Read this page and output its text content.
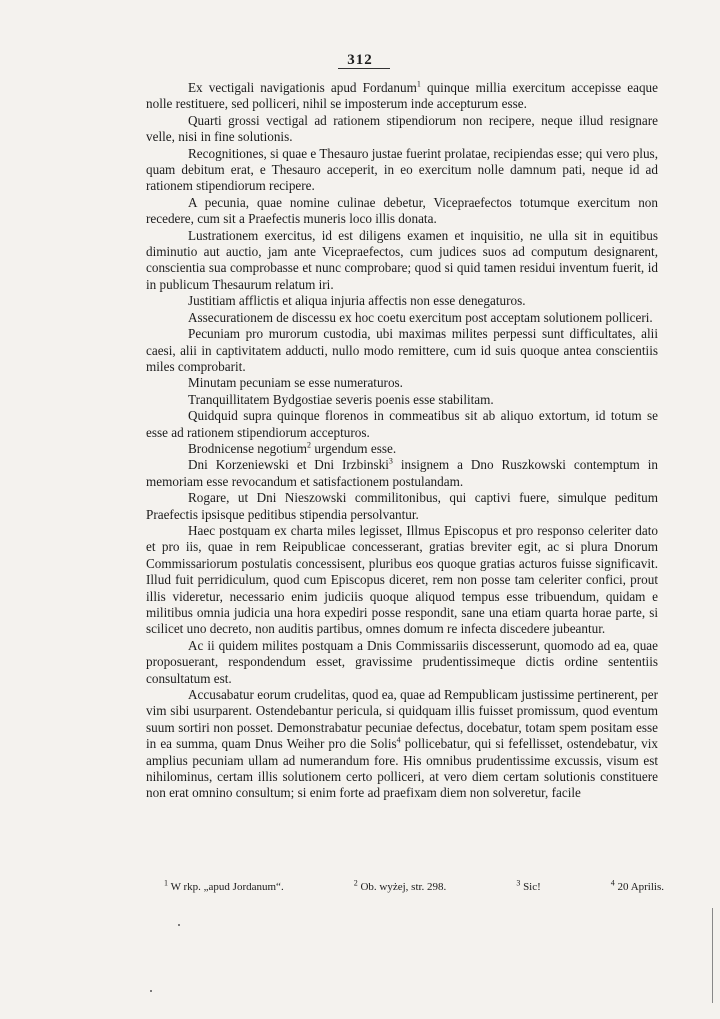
312

Ex vectigali navigationis apud Fordanum$^1$ quinque millia exercitum accepisse eaque nolle restituere, sed polliceri, nihil se imposterum inde accepturum esse.

Quarti grossi vectigal ad rationem stipendiorum non recipere, neque illud resignare velle, nisi in fine solutionis.

Recognitiones, si quae e Thesauro justae fuerint prolatae, recipiendas esse; qui vero plus, quam debitum erat, e Thesauro acceperit, in eo exercitum nolle damnum pati, neque id ad rationem stipendiorum recipere.

A pecunia, quae nomine culinae debetur, Vicepraefectos totumque exercitum non recedere, cum sit a Praefectis muneris loco illis donata.

Lustrationem exercitus, id est diligens examen et inquisitio, ne ulla sit in equitibus diminutio aut auctio, jam ante Vicepraefectos, cum judices suos ad computum designarent, conscientia sua comprobasse et nunc comprobare; quod si quid tamen residui inventum fuerit, id in publicum Thesaurum relatum iri.

Justitiam afflictis et aliqua injuria affectis non esse denegaturos.

Assecurationem de discessu ex hoc coetu exercitum post acceptam solutionem polliceri.

Pecuniam pro murorum custodia, ubi maximas milites perpessi sunt difficultates, alii caesi, alii in captivitatem adducti, nullo modo remittere, cum id suis quoque antea conscientiis miles comprobarit.

Minutam pecuniam se esse numeraturos.

Tranquillitatem Bydgostiae severis poenis esse stabilitam.

Quidquid supra quinque florenos in commeatibus sit ab aliquo extortum, id totum se esse ad rationem stipendiorum accepturos.

Brodnicense negotium$^2$ urgendum esse.

Dni Korzeniewski et Dni Irzbinski$^3$ insignem a Dno Ruszkowski contemptum in memoriam esse revocandum et satisfactionem postulandam.

Rogare, ut Dni Nieszowski commilitonibus, qui captivi fuere, simulque peditum Praefectis ipsisque peditibus stipendia persolvantur.

Haec postquam ex charta miles legisset, Illmus Episcopus et pro responso celeriter dato et pro iis, quae in rem Reipublicae concesserant, gratias breviter egit, ac si plura Dnorum Commissariorum postulatis concessisent, pluribus eos quoque gratias acturos fuisse significavit. Illud fuit perridiculum, quod cum Episcopus diceret, rem non posse tam celeriter confici, prout illis videretur, necessario enim judiciis quoque aliquod tempus esse tribuendum, quidam e militibus omnia judicia una hora expediri posse respondit, sane una etiam quarta horae parte, si scilicet uno decreto, non auditis partibus, omnes domum re infecta discedere jubeantur.

Ac ii quidem milites postquam a Dnis Commissariis discesserunt, quomodo ad ea, quae proposuerant, respondendum esset, gravissime prudentissimeque dictis ordine sententiis consultatum est.

Accusabatur eorum crudelitas, quod ea, quae ad Rempublicam justissime pertinerent, per vim sibi usurparent. Ostendebantur pericula, si quidquam illis fuisset promissum, quod eventum suum sortiri non posset. Demonstrabatur pecuniae defectus, docebatur, totam spem positam esse in ea summa, quam Dnus Weiher pro die Solis$^4$ pollicebatur, qui si fefellisset, ostendebatur, vix amplius pecuniam ullam ad numerandum fore. His omnibus prudentissime excussis, visum est nihilominus, certam illis solutionem certo polliceri, at vero diem certam solutionis constituere non erat omnino consultum; si enim forte ad praefixam diem non solveretur, facile

$^1$ W rkp. „apud Jordanum“.	$^2$ Ob. wyżej, str. 298.	$^3$ Sic!	$^4$ 20 Aprilis.
